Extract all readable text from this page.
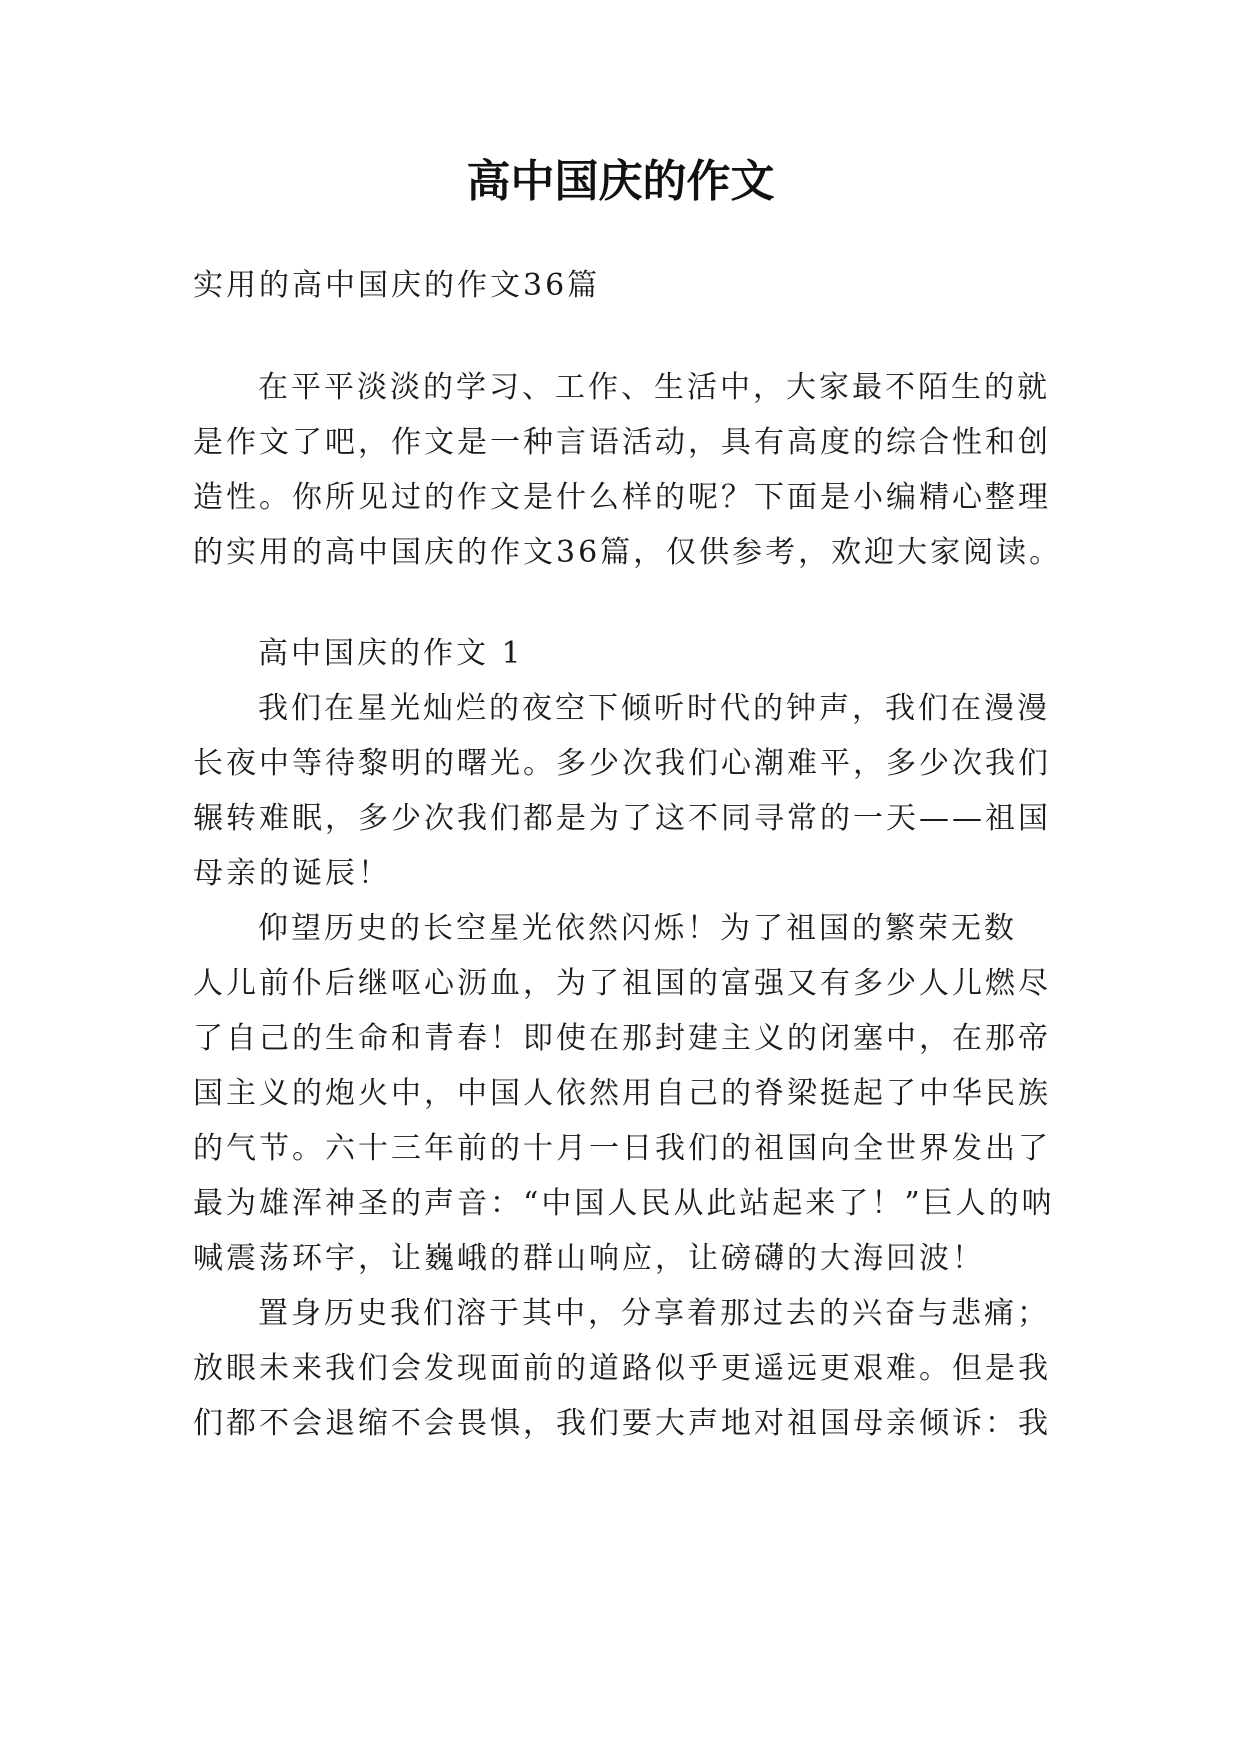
高中国庆的作文
实用的高中国庆的作文36篇
在平平淡淡的学习、工作、生活中，大家最不陌生的就
是作文了吧，作文是一种言语活动，具有高度的综合性和创
造性。你所见过的作文是什么样的呢？下面是小编精心整理
的实用的高中国庆的作文36篇，仅供参考，欢迎大家阅读。
高中国庆的作文 1
我们在星光灿烂的夜空下倾听时代的钟声，我们在漫漫
长夜中等待黎明的曙光。多少次我们心潮难平，多少次我们
辗转难眠，多少次我们都是为了这不同寻常的一天——祖国
母亲的诞辰！
仰望历史的长空星光依然闪烁！为了祖国的繁荣无数
人儿前仆后继呕心沥血，为了祖国的富强又有多少人儿燃尽
了自己的生命和青春！即使在那封建主义的闭塞中，在那帝
国主义的炮火中，中国人依然用自己的脊梁挺起了中华民族
的气节。六十三年前的十月一日我们的祖国向全世界发出了
最为雄浑神圣的声音：“中国人民从此站起来了！”巨人的呐
喊震荡环宇，让巍峨的群山响应，让磅礴的大海回波！
置身历史我们溶于其中，分享着那过去的兴奋与悲痛；
放眼未来我们会发现面前的道路似乎更遥远更艰难。但是我
们都不会退缩不会畏惧，我们要大声地对祖国母亲倾诉：我
